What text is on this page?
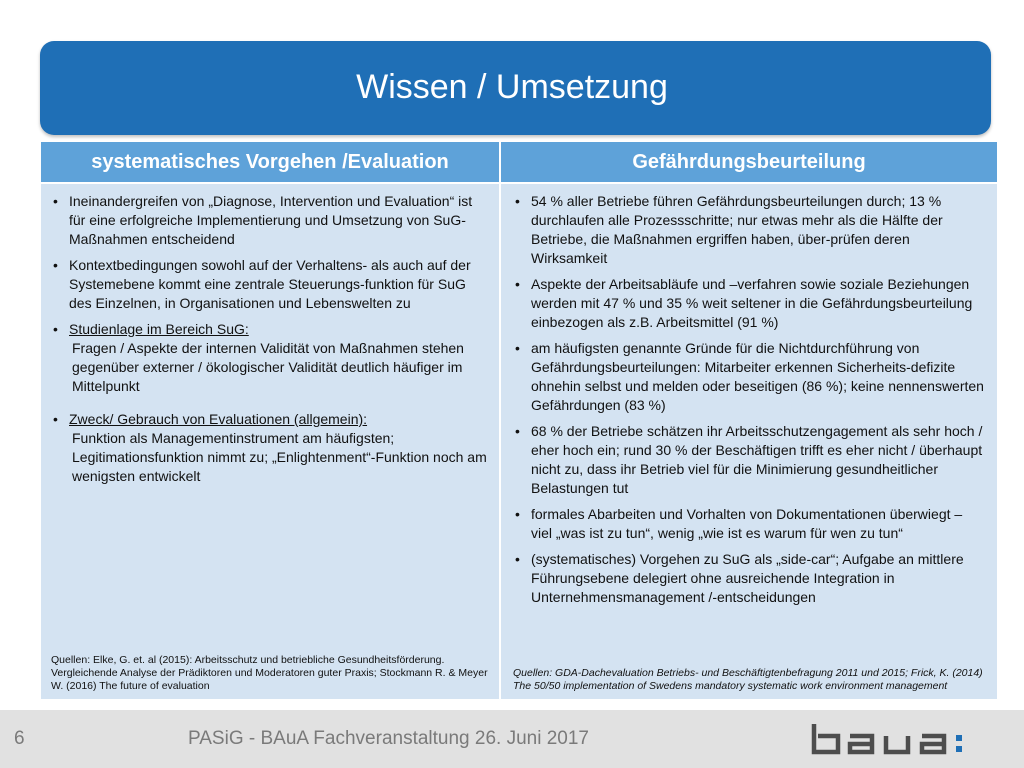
Wissen / Umsetzung
systematisches Vorgehen /Evaluation	Gefährdungsbeurteilung
• Ineinandergreifen von „Diagnose, Intervention und Evaluation“ ist für eine erfolgreiche Implementierung und Umsetzung von SuG-Maßnahmen entscheidend
• Kontextbedingungen sowohl auf der Verhaltens- als auch auf der Systemebene kommt eine zentrale Steuerungs-funktion für SuG des Einzelnen, in Organisationen und Lebenswelten zu
• Studienlage im Bereich SuG:
Fragen / Aspekte der internen Validität von Maßnahmen stehen gegenüber externer / ökologischer Validität deutlich häufiger im Mittelpunkt
• Zweck/ Gebrauch von Evaluationen (allgemein):
Funktion als Managementinstrument am häufigsten; Legitimationsfunktion nimmt zu; „Enlightenment“-Funktion noch am wenigsten entwickelt
Quellen: Elke, G. et. al (2015): Arbeitsschutz und betriebliche Gesundheitsförderung. Vergleichende Analyse der Prädiktoren und Moderatoren guter Praxis; Stockmann R. & Meyer W. (2016) The future of evaluation
• 54 % aller Betriebe führen Gefährdungsbeurteilungen durch; 13 % durchlaufen alle Prozessschritte; nur etwas mehr als die Hälfte der Betriebe, die Maßnahmen ergriffen haben, über-prüfen deren Wirksamkeit
• Aspekte der Arbeitsabläufe und –verfahren sowie soziale Beziehungen werden mit 47 % und 35 % weit seltener in die Gefährdungsbeurteilung einbezogen als z.B. Arbeitsmittel (91 %)
• am häufigsten genannte Gründe für die Nichtdurchführung von Gefährdungsbeurteilungen: Mitarbeiter erkennen Sicherheits-defizite ohnehin selbst und melden oder beseitigen (86 %); keine nennenswerten Gefährdungen (83 %)
• 68 % der Betriebe schätzen ihr Arbeitsschutzengagement als sehr hoch / eher hoch ein; rund 30 % der Beschäftigen trifft es eher nicht / überhaupt nicht zu, dass ihr Betrieb viel für die Minimierung gesundheitlicher Belastungen tut
• formales Abarbeiten und Vorhalten von Dokumentationen überwiegt – viel „was ist zu tun“, wenig „wie ist es warum für wen zu tun“
• (systematisches) Vorgehen zu SuG als „side-car“; Aufgabe an mittlere Führungsebene delegiert ohne ausreichende Integration in Unternehmensmanagement /-entscheidungen
Quellen: GDA-Dachevaluation Betriebs- und Beschäftigtenbefragung 2011 und 2015; Frick, K. (2014) The 50/50 implementation of Swedens mandatory systematic work environment management
6	PASiG - BAuA Fachveranstaltung 26. Juni 2017
